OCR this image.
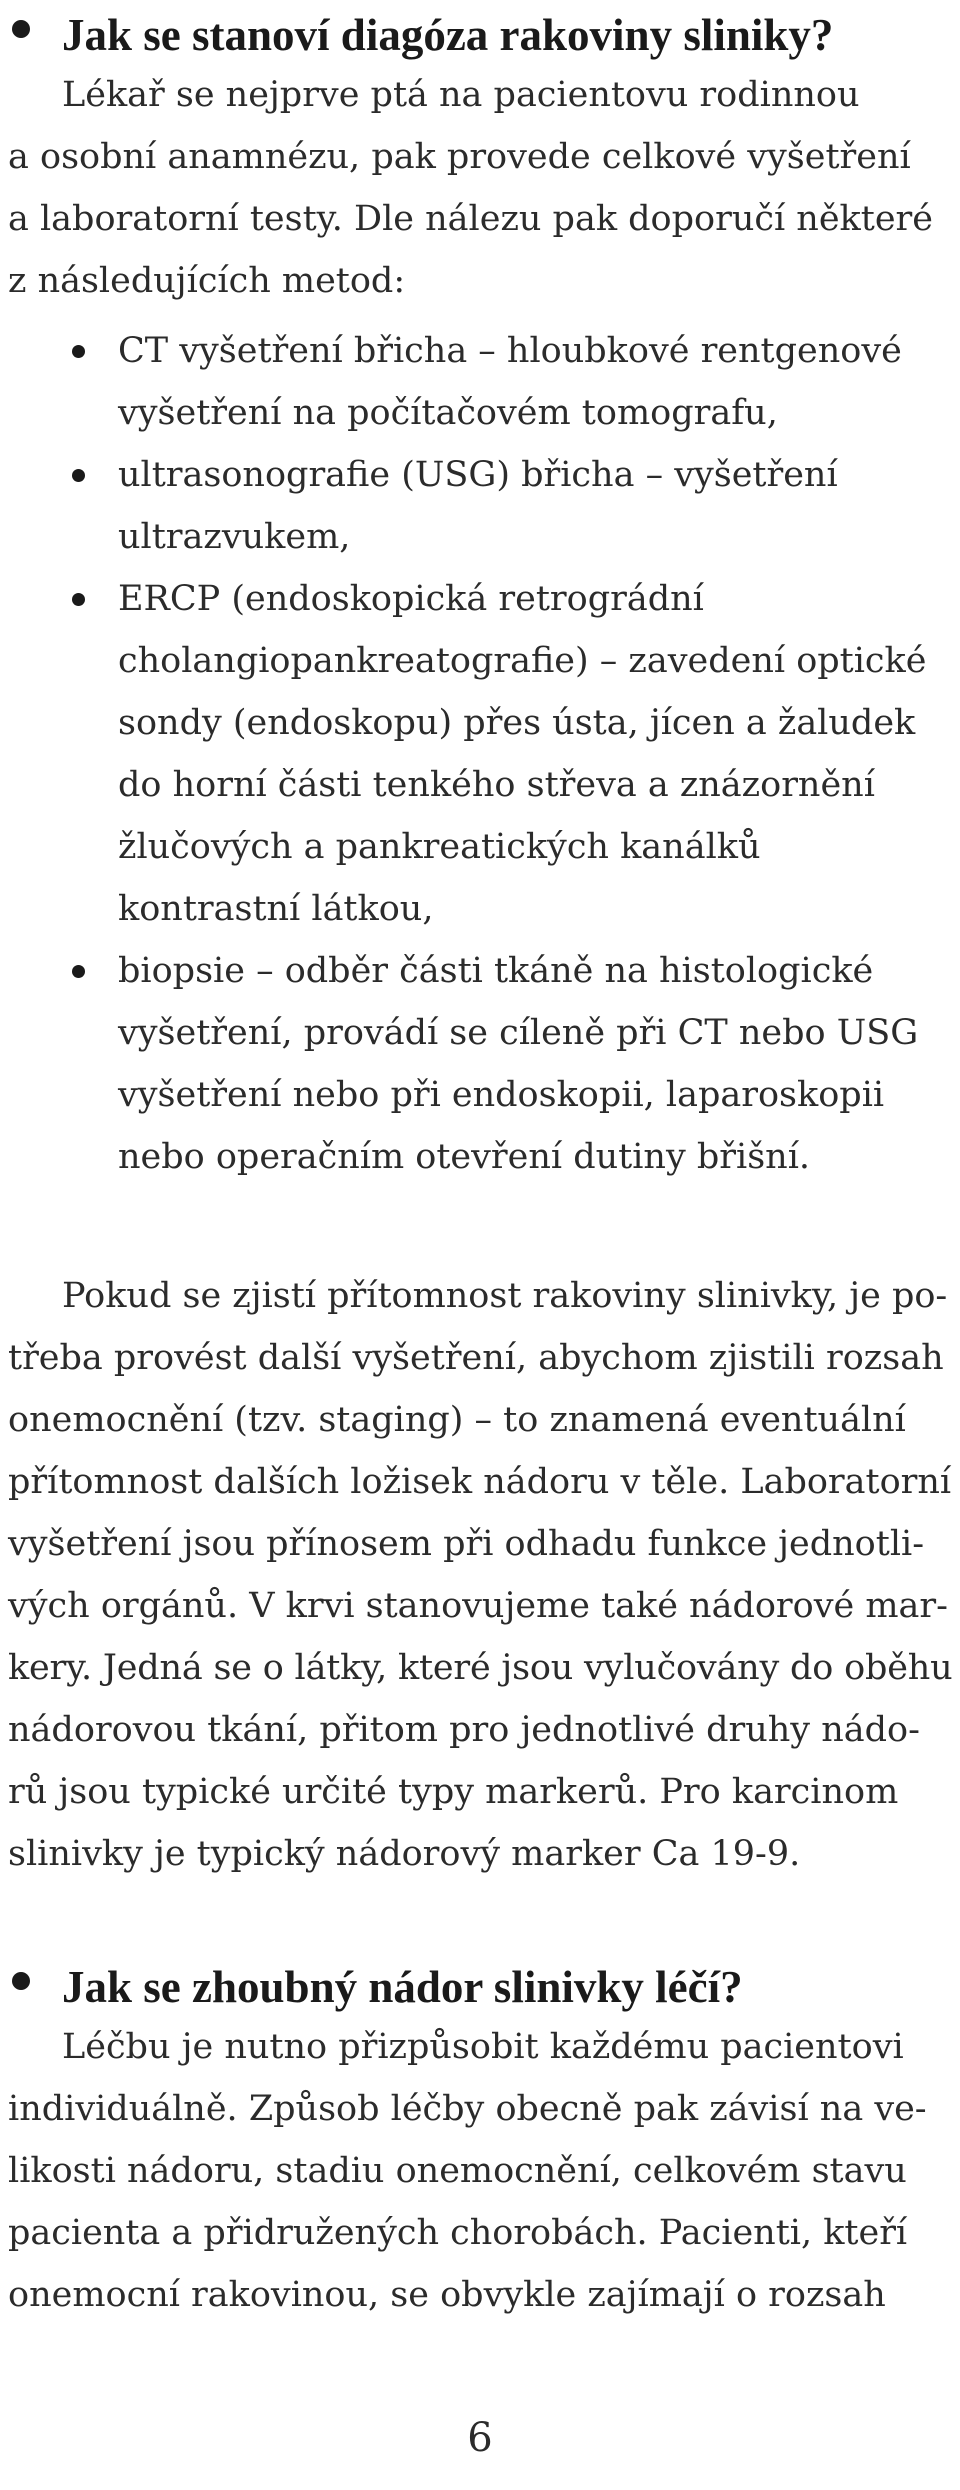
Jak se stanoví diagóza rakoviny sliniky?

Lékař se nejprve ptá na pacientovu rodinnou
a osobní anamnézu, pak provede celkové vyšetření
a laboratorní testy. Dle nálezu pak doporučí některé
z následujících metod:

CT vyšetření břicha – hloubkové rentgenové
vyšetření na počítačovém tomografu,
ultrasonografie (USG) břicha – vyšetření
ultrazvukem,
ERCP (endoskopická retrográdní
cholangiopankreatografie) – zavedení optické
sondy (endoskopu) přes ústa, jícen a žaludek
do horní části tenkého střeva a znázornění
žlučových a pankreatických kanálků
kontrastní látkou,
biopsie – odběr části tkáně na histologické
vyšetření, provádí se cíleně při CT nebo USG
vyšetření nebo při endoskopii, laparoskopii
nebo operačním otevření dutiny břišní.

Pokud se zjistí přítomnost rakoviny slinivky, je po-
třeba provést další vyšetření, abychom zjistili rozsah
onemocnění (tzv. staging) – to znamená eventuální
přítomnost dalších ložisek nádoru v těle. Laboratorní
vyšetření jsou přínosem při odhadu funkce jednotli-
vých orgánů. V krvi stanovujeme také nádorové mar-
kery. Jedná se o látky, které jsou vylučovány do oběhu
nádorovou tkání, přitom pro jednotlivé druhy nádo-
rů jsou typické určité typy markerů. Pro karcinom
slinivky je typický nádorový marker Ca 19-9.

Jak se zhoubný nádor slinivky léčí?

Léčbu je nutno přizpůsobit každému pacientovi
individuálně. Způsob léčby obecně pak závisí na ve-
likosti nádoru, stadiu onemocnění, celkovém stavu
pacienta a přidružených chorobách. Pacienti, kteří
onemocní rakovinou, se obvykle zajímají o rozsah

6
